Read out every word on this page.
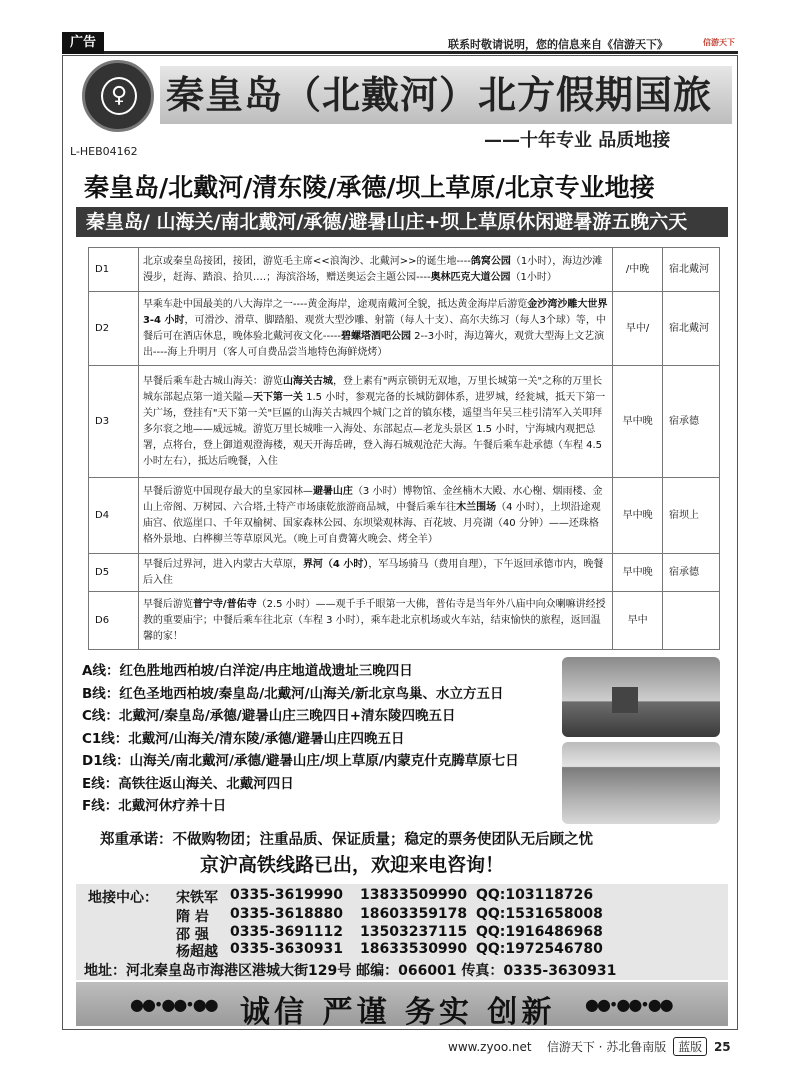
广告	联系时敬请说明，您的信息来自《信游天下》	信游天下
♀
L-HEB04162
秦皇岛（北戴河）北方假期国旅
——十年专业 品质地接
秦皇岛/北戴河/清东陵/承德/坝上草原/北京专业地接
秦皇岛/ 山海关/南北戴河/承德/避暑山庄+坝上草原休闲避暑游五晚六天
D1	北京或秦皇岛接团，接团，游览毛主席<<浪淘沙、北戴河>>的诞生地----鸽窝公园（1小时），海边沙滩漫步，赶海、踏浪、拾贝….；海滨浴场，赠送奥运会主题公园----奥林匹克大道公园（1小时）	/中晚	宿北戴河
D2	早乘车赴中国最美的八大海岸之一----黄金海岸，途观南戴河全貌，抵达黄金海岸后游览金沙湾沙雕大世界 3-4 小时，可滑沙、滑草、脚踏船、观赏大型沙雕、射箭（每人十支）、高尔夫练习（每人3个球）等，中餐后可在酒店休息，晚体验北戴河夜文化-----碧螺塔酒吧公园 2--3小时，海边篝火，观赏大型海上文艺演出----海上升明月（客人可自费品尝当地特色海鲜烧烤）	早中/	宿北戴河
D3	早餐后乘车赴古城山海关：游览山海关古城，登上素有"两京锁钥无双地，万里长城第一关"之称的万里长城东部起点第一道关隘—天下第一关 1.5 小时，参观完备的长城防御体系，进罗城，经瓮城，抵天下第一关广场，登挂有"天下第一关"巨匾的山海关古城四个城门之首的镇东楼，遥望当年吴三桂引清军入关叩拜多尔衮之地——威远城。游览万里长城唯一入海处、东部起点—老龙头景区 1.5 小时，宁海城内观把总署，点将台，登上御道观澄海楼，观天开海岳碑，登入海石城观沧茫大海。午餐后乘车赴承德（车程 4.5 小时左右），抵达后晚餐，入住	早中晚	宿承德
D4	早餐后游览中国现存最大的皇家园林—避暑山庄（3 小时）博物馆、金丝楠木大殿、水心榭、烟雨楼、金山上帝阁、万树园、六合塔,土特产市场康乾旅游商品城，中餐后乘车往木兰围场（4 小时），上坝沿途观庙宫、依巡崖口、千年双榆树、国家森林公园、东坝梁观林海、百花坡、月亮湖（40 分钟）——还珠格格外景地、白桦柳兰等草原风光。（晚上可自费篝火晚会、烤全羊）	早中晚	宿坝上
D5	早餐后过界河，进入内蒙古大草原，界河（4 小时），军马场骑马（费用自理），下午返回承德市内，晚餐后入住	早中晚	宿承德
D6	早餐后游览普宁寺/普佑寺（2.5 小时）——观千手千眼第一大佛，普佑寺是当年外八庙中向众喇嘛讲经授教的重要庙宇；中餐后乘车往北京（车程 3 小时），乘车赴北京机场或火车站，结束愉快的旅程，返回温馨的家！	早中	
A线：红色胜地西柏坡/白洋淀/冉庄地道战遗址三晚四日
B线：红色圣地西柏坡/秦皇岛/北戴河/山海关/新北京鸟巢、水立方五日
C线：北戴河/秦皇岛/承德/避暑山庄三晚四日+清东陵四晚五日
C1线：北戴河/山海关/清东陵/承德/避暑山庄四晚五日
D1线：山海关/南北戴河/承德/避暑山庄/坝上草原/内蒙克什克腾草原七日
E线：高铁往返山海关、北戴河四日
F线：北戴河休疗养十日
郑重承诺：不做购物团；注重品质、保证质量；稳定的票务使团队无后顾之忧
京沪高铁线路已出，欢迎来电咨询！
地接中心： 宋铁军 0335-3619990 13833509990 QQ:103118726
隋 岩 0335-3618880 18603359178 QQ:1531658008
邵 强 0335-3691112 13503237115 QQ:1916486968
杨超越 0335-3630931 18633530990 QQ:1972546780
地址：河北秦皇岛市海港区港城大街129号 邮编：066001 传真：0335-3630931
●●•●●•●● 诚信 严谨 务实 创新 ●●•●●•●●
www.zyoo.net 信游天下 · 苏北鲁南版 蓝版 25
